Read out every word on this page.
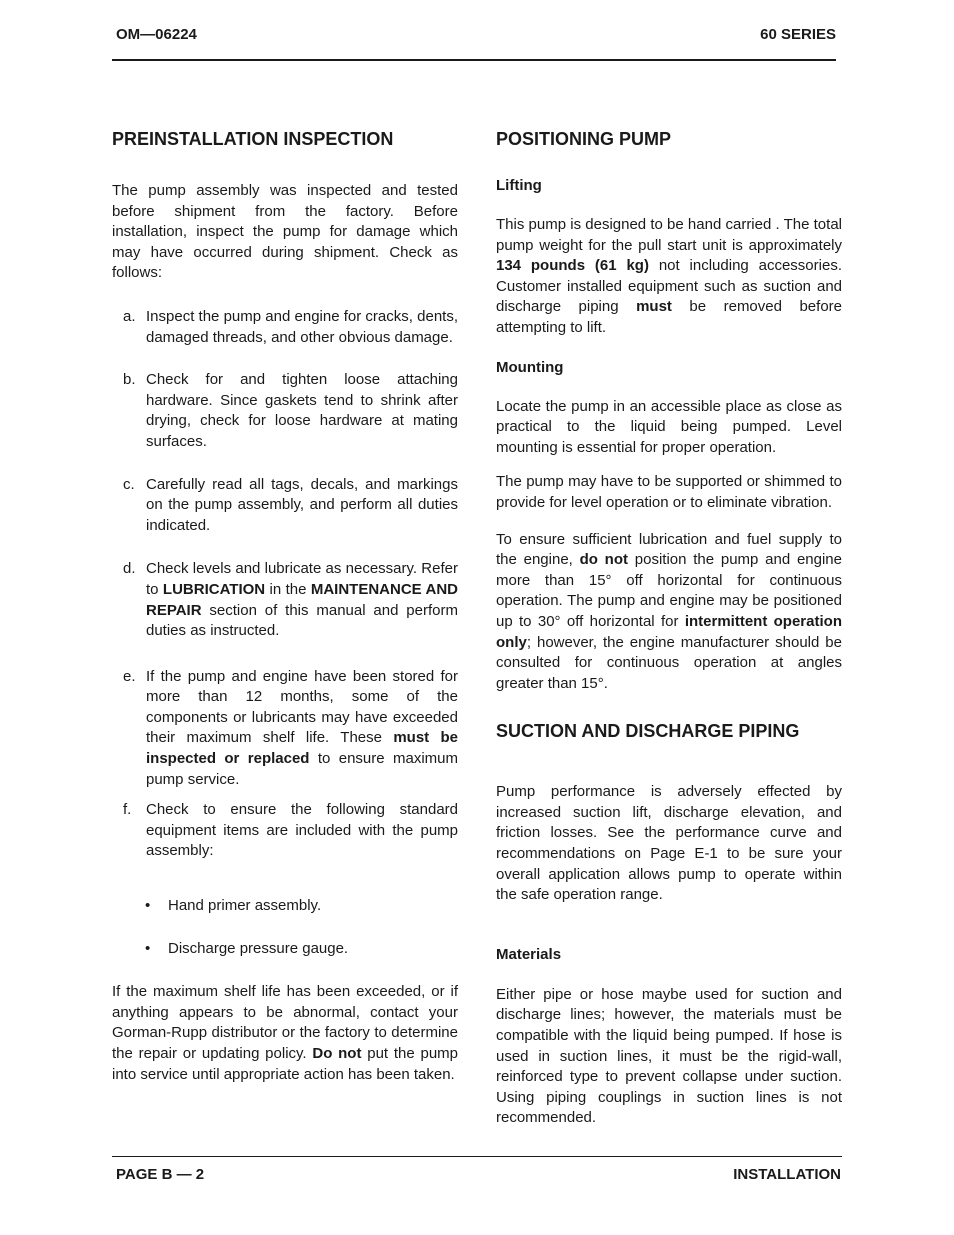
OM—06224	60 SERIES
PREINSTALLATION INSPECTION

The pump assembly was inspected and tested before shipment from the factory. Before installation, inspect the pump for damage which may have occurred during shipment. Check as follows:

a. Inspect the pump and engine for cracks, dents, damaged threads, and other obvious damage.
b. Check for and tighten loose attaching hardware. Since gaskets tend to shrink after drying, check for loose hardware at mating surfaces.
c. Carefully read all tags, decals, and markings on the pump assembly, and perform all duties indicated.
d. Check levels and lubricate as necessary. Refer to LUBRICATION in the MAINTENANCE AND REPAIR section of this manual and perform duties as instructed.
e. If the pump and engine have been stored for more than 12 months, some of the components or lubricants may have exceeded their maximum shelf life. These must be inspected or replaced to ensure maximum pump service.
f. Check to ensure the following standard equipment items are included with the pump assembly:
• Hand primer assembly.
• Discharge pressure gauge.

If the maximum shelf life has been exceeded, or if anything appears to be abnormal, contact your Gorman-Rupp distributor or the factory to determine the repair or updating policy. Do not put the pump into service until appropriate action has been taken.

POSITIONING PUMP
Lifting

This pump is designed to be hand carried . The total pump weight for the pull start unit is approximately 134 pounds (61 kg) not including accessories. Customer installed equipment such as suction and discharge piping must be removed before attempting to lift.

Mounting

Locate the pump in an accessible place as close as practical to the liquid being pumped. Level mounting is essential for proper operation.

The pump may have to be supported or shimmed to provide for level operation or to eliminate vibration.

To ensure sufficient lubrication and fuel supply to the engine, do not position the pump and engine more than 15° off horizontal for continuous operation. The pump and engine may be positioned up to 30° off horizontal for intermittent operation only; however, the engine manufacturer should be consulted for continuous operation at angles greater than 15°.

SUCTION AND DISCHARGE PIPING

Pump performance is adversely effected by increased suction lift, discharge elevation, and friction losses. See the performance curve and recommendations on Page E-1 to be sure your overall application allows pump to operate within the safe operation range.

Materials

Either pipe or hose maybe used for suction and discharge lines; however, the materials must be compatible with the liquid being pumped. If hose is used in suction lines, it must be the rigid-wall, reinforced type to prevent collapse under suction. Using piping couplings in suction lines is not recommended.

PAGE B — 2	INSTALLATION
